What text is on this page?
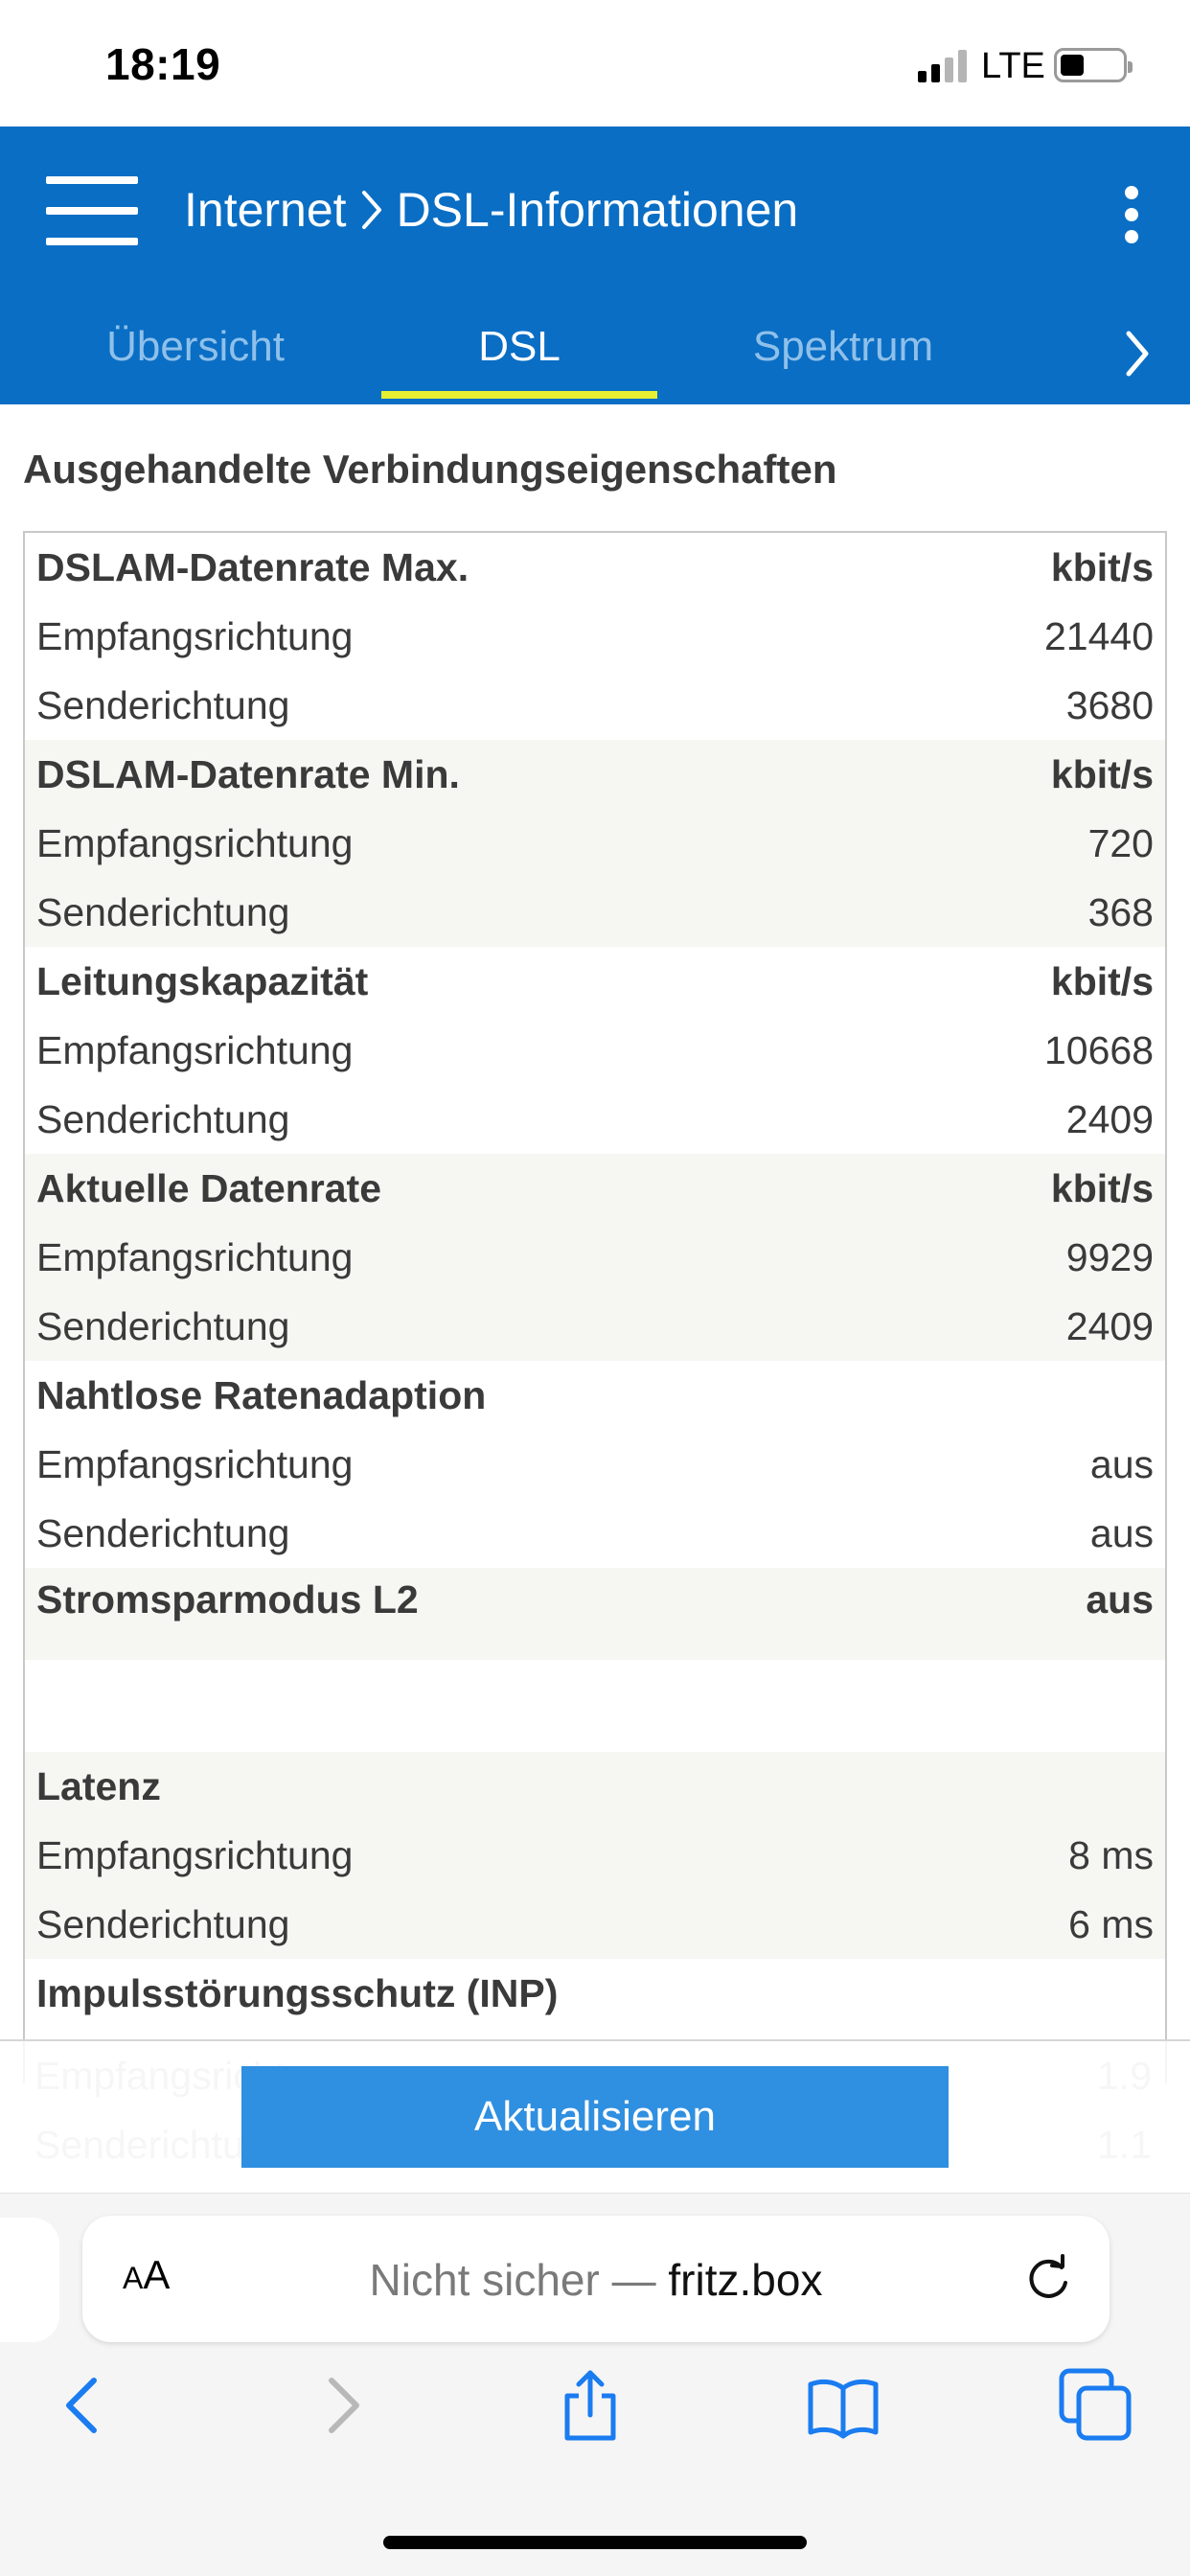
18:19	LTE
Internet DSL-Informationen
Übersicht	DSL	Spektrum
Ausgehandelte Verbindungseigenschaften
DSLAM-Datenrate Max.	kbit/s
Empfangsrichtung	21440
Senderichtung	3680
DSLAM-Datenrate Min.	kbit/s
Empfangsrichtung	720
Senderichtung	368
Leitungskapazität	kbit/s
Empfangsrichtung	10668
Senderichtung	2409
Aktuelle Datenrate	kbit/s
Empfangsrichtung	9929
Senderichtung	2409
Nahtlose Ratenadaption
Empfangsrichtung	aus
Senderichtung	aus
Stromsparmodus L2	aus
Latenz
Empfangsrichtung	8 ms
Senderichtung	6 ms
Impulsstörungsschutz (INP)
Aktualisieren
AA	Nicht sicher — fritz.box
